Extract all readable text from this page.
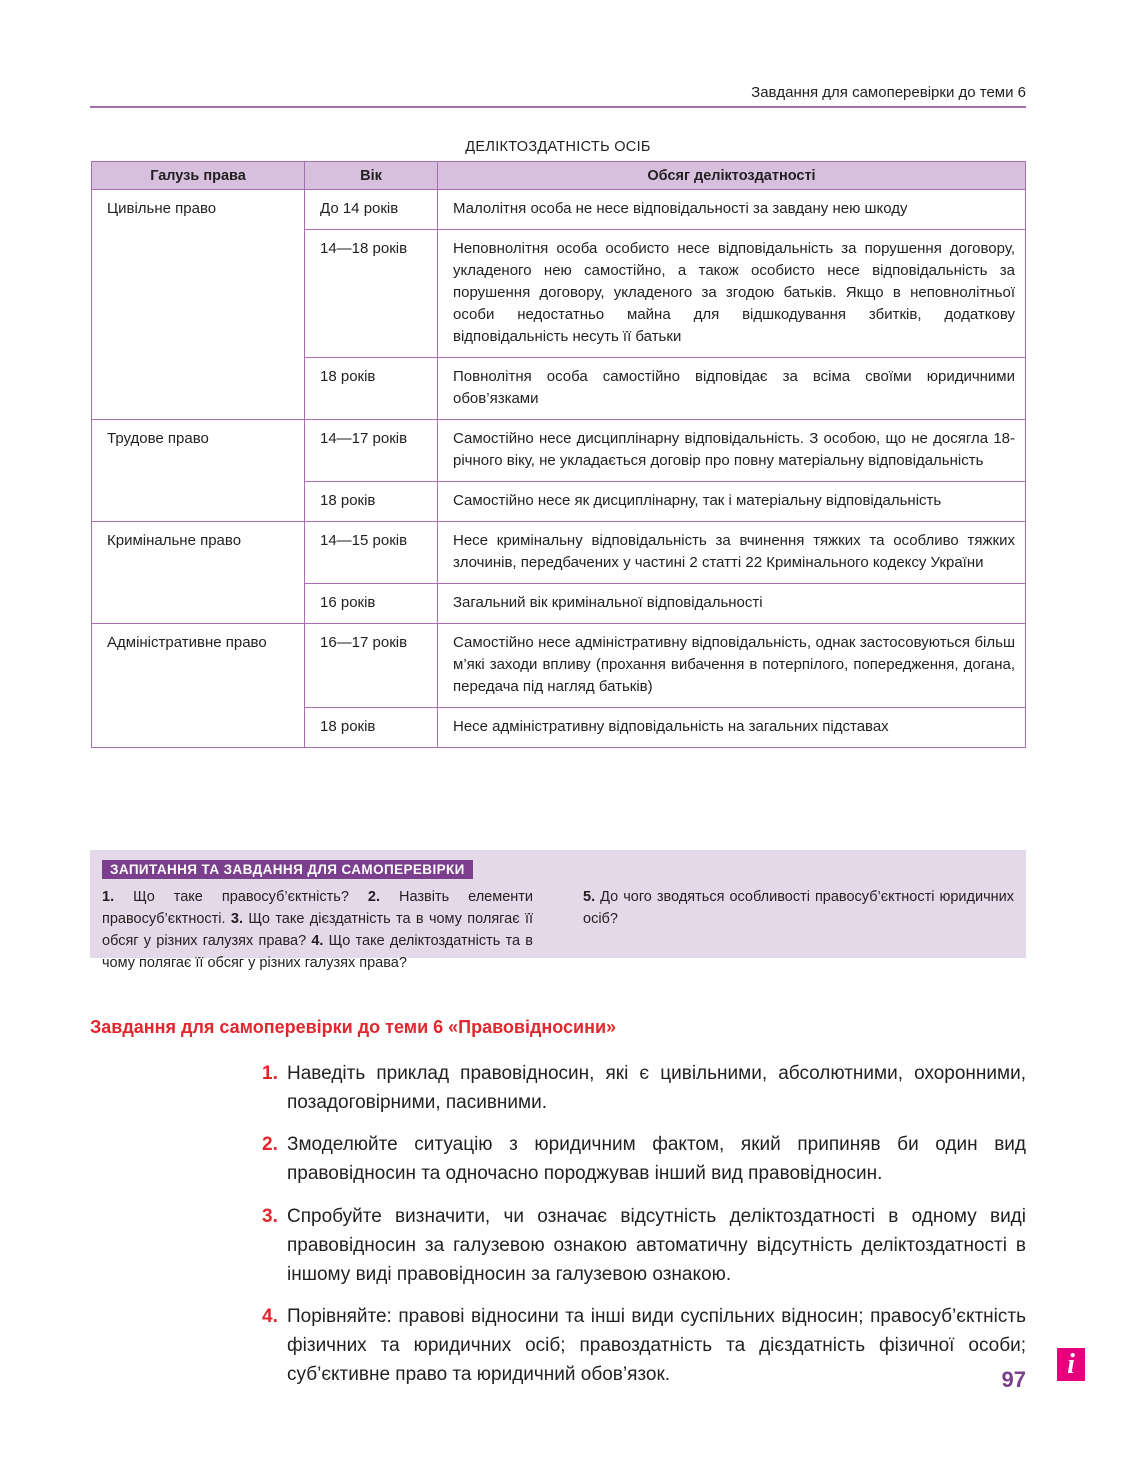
Завдання для самоперевірки до теми 6
ДЕЛІКТОЗДАТНІСТЬ ОСІБ
Галузь права	Вік	Обсяг деліктоздатності
Цивільне право	До 14 років	Малолітня особа не несе відповідальності за завдану нею шкоду
	14—18 років	Неповнолітня особа особисто несе відповідальність за порушення договору, укладеного нею самостійно, а також особисто несе відповідальність за порушення договору, укладеного за згодою батьків. Якщо в неповнолітньої особи недостатньо майна для відшкодування збитків, додаткову відповідальність несуть її батьки
	18 років	Повнолітня особа самостійно відповідає за всіма своїми юридичними обов’язками
Трудове право	14—17 років	Самостійно несе дисциплінарну відповідальність. З особою, що не досягла 18-річного віку, не укладається договір про повну матеріальну відповідальність
	18 років	Самостійно несе як дисциплінарну, так і матеріальну відповідальність
Кримінальне право	14—15 років	Несе кримінальну відповідальність за вчинення тяжких та особливо тяжких злочинів, передбачених у частині 2 статті 22 Кримінального кодексу України
	16 років	Загальний вік кримінальної відповідальності
Адміністративне право	16—17 років	Самостійно несе адміністративну відповідальність, однак застосовуються більш м’які заходи впливу (прохання вибачення в потерпілого, попередження, догана, передача під нагляд батьків)
	18 років	Несе адміністративну відповідальність на загальних підставах
ЗАПИТАННЯ ТА ЗАВДАННЯ ДЛЯ САМОПЕРЕВІРКИ
1. Що таке правосуб’єктність? 2. Назвіть елементи правосуб’єктності. 3. Що таке дієздатність та в чому полягає її обсяг у різних галузях права? 4. Що таке деліктоздатність та в чому полягає її обсяг у різних галузях права?
5. До чого зводяться особливості правосуб’єктності юридичних осіб?
Завдання для самоперевірки до теми 6 «Правовідносини»
1. Наведіть приклад правовідносин, які є цивільними, абсолютними, охоронними, позадоговірними, пасивними.
2. Змоделюйте ситуацію з юридичним фактом, який припиняв би один вид правовідносин та одночасно породжував інший вид правовідносин.
3. Спробуйте визначити, чи означає відсутність деліктоздатності в одному виді правовідносин за галузевою ознакою автоматичну відсутність деліктоздатності в іншому виді правовідносин за галузевою ознакою.
4. Порівняйте: правові відносини та інші види суспільних відносин; правосуб’єктність фізичних та юридичних осіб; правоздатність та дієздатність фізичної особи; суб’єктивне право та юридичний обов’язок.	i
97
